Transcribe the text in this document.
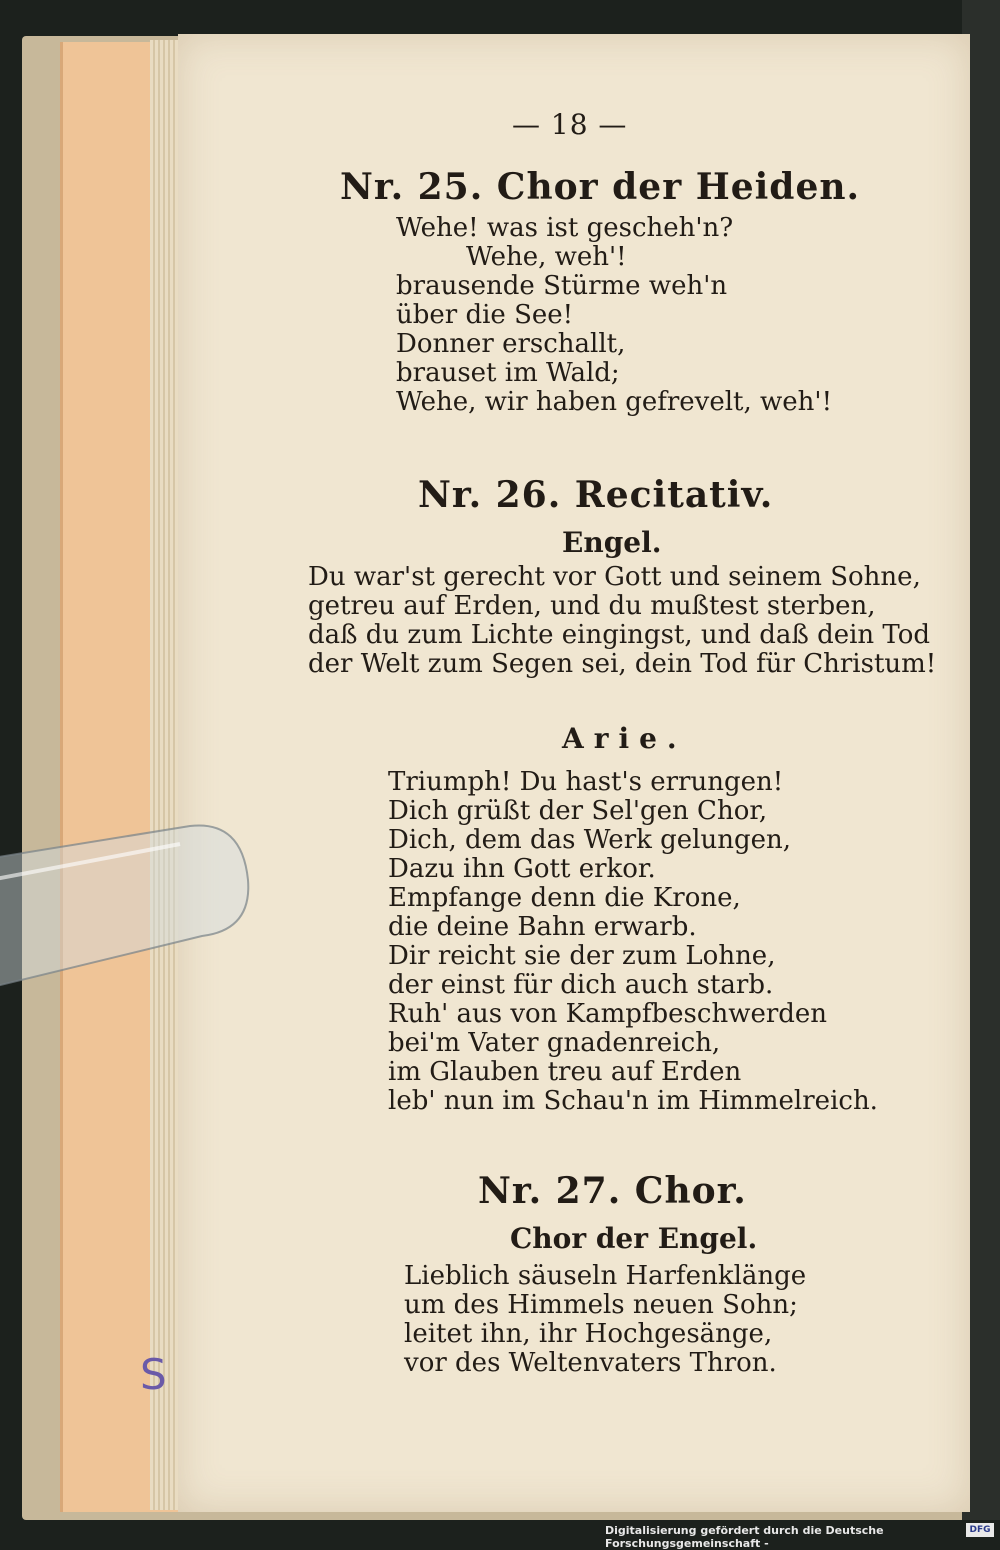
— 18 —
Nr. 25. Chor der Heiden.
Wehe! was ist gescheh'n?
Wehe, weh'!
brausende Stürme weh'n
über die See!
Donner erschallt,
brauset im Wald;
Wehe, wir haben gefrevelt, weh'!
Nr. 26. Recitativ.
Engel.
Du war'st gerecht vor Gott und seinem Sohne,
getreu auf Erden, und du mußtest sterben,
daß du zum Lichte eingingst, und daß dein Tod
der Welt zum Segen sei, dein Tod für Christum!
Arie.
Triumph! Du hast's errungen!
Dich grüßt der Sel'gen Chor,
Dich, dem das Werk gelungen,
Dazu ihn Gott erkor.
Empfange denn die Krone,
die deine Bahn erwarb.
Dir reicht sie der zum Lohne,
der einst für dich auch starb.
Ruh' aus von Kampfbeschwerden
bei'm Vater gnadenreich,
im Glauben treu auf Erden
leb' nun im Schau'n im Himmelreich.
Nr. 27. Chor.
Chor der Engel.
Lieblich säuseln Harfenklänge
um des Himmels neuen Sohn;
leitet ihn, ihr Hochgesänge,
vor des Weltenvaters Thron.
S
Digitalisierung gefördert durch die Deutsche Forschungsgemeinschaft -
DFG
